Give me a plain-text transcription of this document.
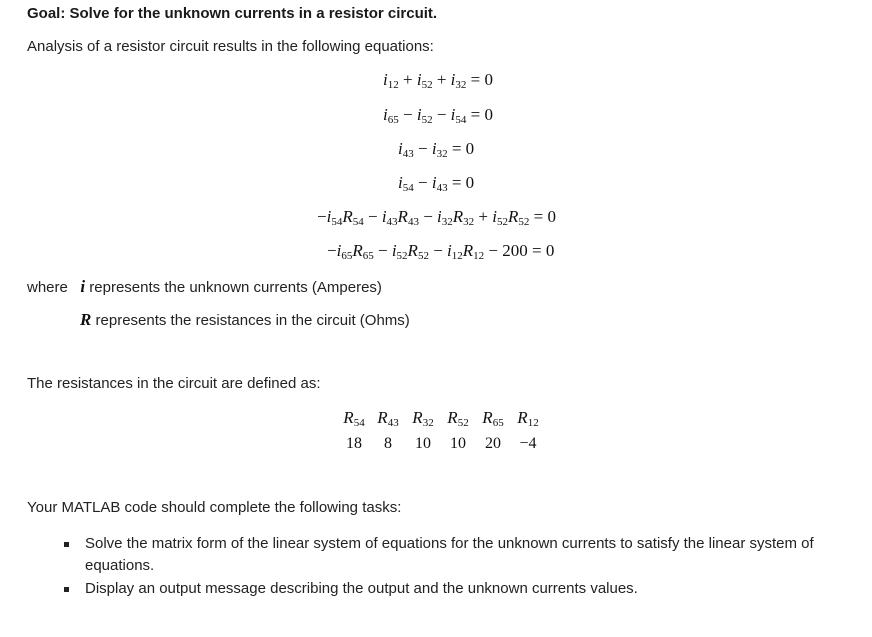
Goal: Solve for the unknown currents in a resistor circuit.
Analysis of a resistor circuit results in the following equations:
$i_{12} + i_{52} + i_{32} = 0$
$i_{65} - i_{52} - i_{54} = 0$
$i_{43} - i_{32} = 0$
$i_{54} - i_{43} = 0$
$-i_{54}R_{54} - i_{43}R_{43} - i_{32}R_{32} + i_{52}R_{52} = 0$
$-i_{65}R_{65} - i_{52}R_{52} - i_{12}R_{12} - 200 = 0$
where i represents the unknown currents (Amperes)
R represents the resistances in the circuit (Ohms)
The resistances in the circuit are defined as:
$R_{54}$ $R_{43}$ $R_{32}$ $R_{52}$ $R_{65}$ $R_{12}$
18	8	10	10	20	−4
Your MATLAB code should complete the following tasks:
Solve the matrix form of the linear system of equations for the unknown currents to satisfy the linear system of equations.
Display an output message describing the output and the unknown currents values.
